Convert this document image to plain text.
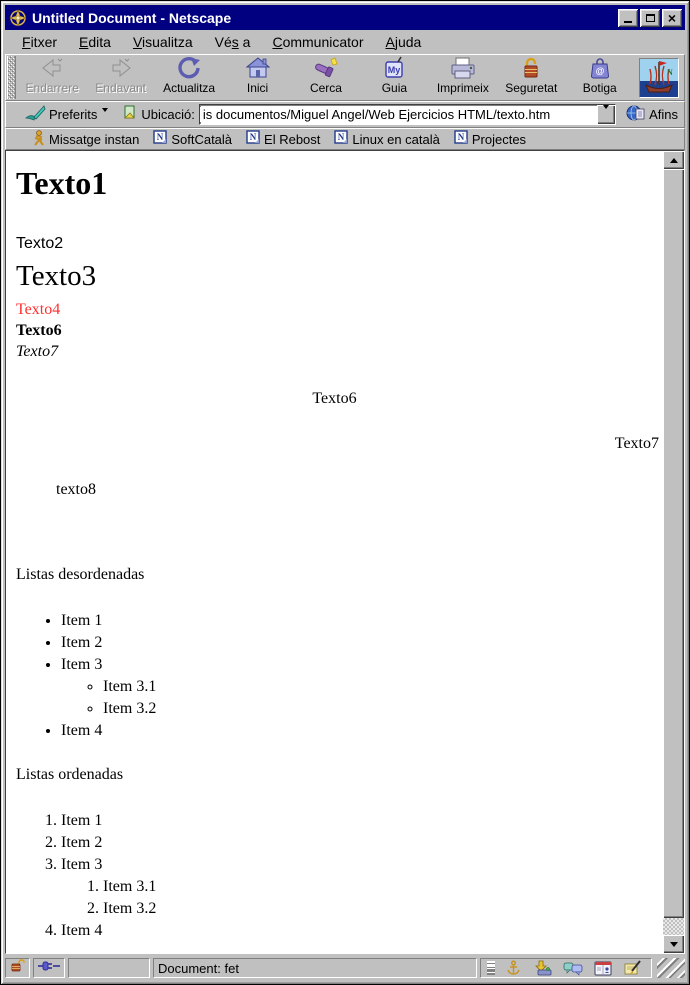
Untitled Document - Netscape	×
Fitxer	Edita	Visualitza	Vés a	Communicator	Ajuda
Endarrere Endavant Actualitza	Inici	Cerca
My
Guia Imprimeix Seguretat
@
Botiga
N
Preferits	Ubicació:
is documentos/Miguel Angel/Web Ejercicios HTML/texto.htm	Afins
Missatge instan N SoftCatalà N El Rebost N Linux en català N Projectes
Texto1
Texto2
Texto3
Texto4
Texto6
Texto7
Texto6
Texto7
texto8
Listas desordenadas
• Item 1
• Item 2
• Item 3
◦ Item 3.1
◦ Item 3.2
• Item 4
Listas ordenadas
1. Item 1
2. Item 2
3. Item 3
1. Item 3.1
2. Item 3.2
4. Item 4
Document: fet
